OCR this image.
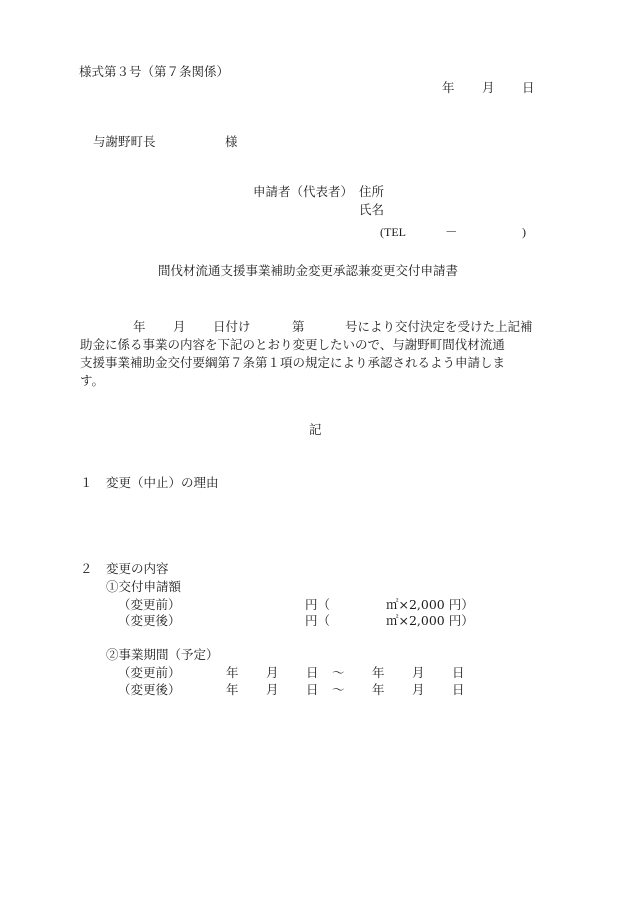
様式第３号（第７条関係）

年 月 日
与謝野町長	様
申請者（代表者） 住所
氏名
(TEL	－	)

間伐材流通支援事業補助金変更承認兼変更交付申請書

年 月 日付け	第	号により交付決定を受けた上記補
助金に係る事業の内容を下記のとおり変更したいので、与謝野町間伐材流通
支援事業補助金交付要綱第７条第１項の規定により承認されるよう申請しま
す。

記

１ 変更（中止）の理由
２ 変更の内容
①交付申請額
（変更前）	円（	㎡×2,000 円）
（変更後）	円（	㎡×2,000 円）
②事業期間（予定）
（変更前）	年 月 日 ～ 年 月 日
（変更後）	年 月 日 ～ 年 月 日
